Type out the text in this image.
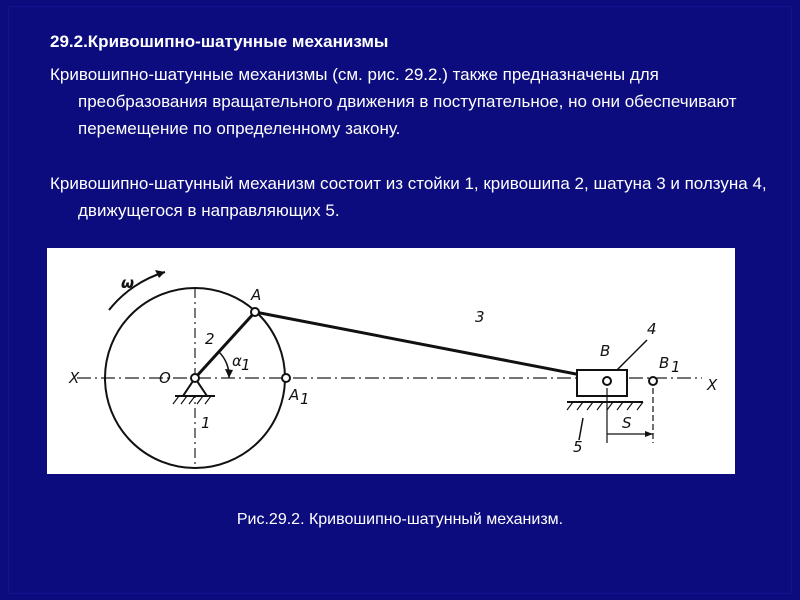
29.2.Кривошипно-шатунные механизмы

Кривошипно-шатунные механизмы (см. рис. 29.2.) также предназначены для преобразования вращательного движения в поступательное, но они обеспечивают перемещение по определенному закону.

Кривошипно-шатунный механизм состоит из стойки 1, кривошипа 2, шатуна 3 и ползуна 4, движущегося в направляющих 5.

ω
A
A 1
B
B 1
O
α 1
X	X
2
3
4
5
1	S
Рис.29.2. Кривошипно-шатунный механизм.
